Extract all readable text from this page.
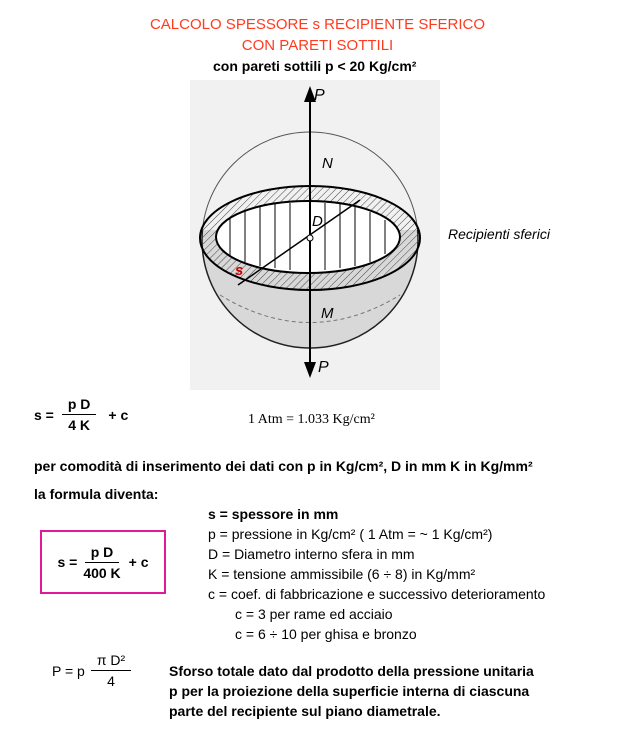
CALCOLO SPESSORE s RECIPIENTE SFERICO
CON PARETI SOTTILI
con pareti sottili p < 20 Kg/cm²
P
N
D
s
M
P
Recipienti sferici
$s = \frac{\text{p D}}{4 K} + c$	1 Atm = 1.033 Kg/cm²
per comodità di inserimento dei dati con p in Kg/cm², D in mm K in Kg/mm²
la formula diventa:
$s = \frac{\text{p D}}{400 K} + c$
s = spessore in mm
p = pressione in Kg/cm² ( 1 Atm = ~ 1 Kg/cm²)
D = Diametro interno sfera in mm
K = tensione ammissibile (6 ÷ 8) in Kg/mm²
c = coef. di fabbricazione e successivo deterioramento
c = 3 per rame ed acciaio
c = 6 ÷ 10 per ghisa e bronzo
P = p $\frac{\text{π D²}}{4}$	Sforso totale dato dal prodotto della pressione unitaria
p per la proiezione della superficie interna di ciascuna
parte del recipiente sul piano diametrale.
